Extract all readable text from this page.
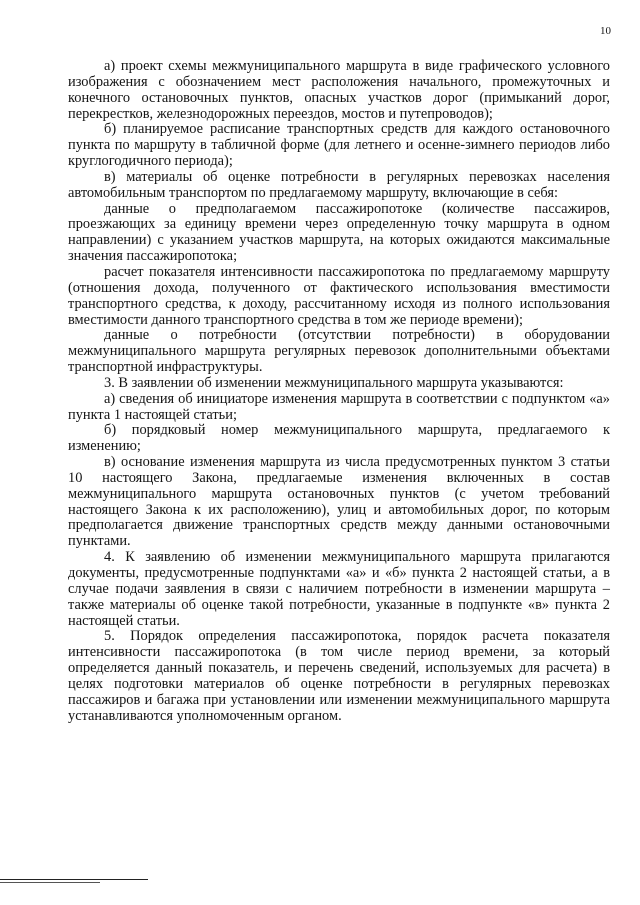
10

а) проект схемы межмуниципального маршрута в виде графического условного изображения с обозначением мест расположения начального, промежуточных и конечного остановочных пунктов, опасных участков дорог (примыканий дорог, перекрестков, железнодорожных переездов, мостов и путепроводов);

б) планируемое расписание транспортных средств для каждого остановочного пункта по маршруту в табличной форме (для летнего и осенне-зимнего периодов либо круглогодичного периода);

в) материалы об оценке потребности в регулярных перевозках населения автомобильным транспортом по предлагаемому маршруту, включающие в себя:

данные о предполагаемом пассажиропотоке (количестве пассажиров, проезжающих за единицу времени через определенную точку маршрута в одном направлении) с указанием участков маршрута, на которых ожидаются максимальные значения пассажиропотока;

расчет показателя интенсивности пассажиропотока по предлагаемому маршруту (отношения дохода, полученного от фактического использования вместимости транспортного средства, к доходу, рассчитанному исходя из полного использования вместимости данного транспортного средства в том же периоде времени);

данные о потребности (отсутствии потребности) в оборудовании межмуниципального маршрута регулярных перевозок дополнительными объектами транспортной инфраструктуры.

3. В заявлении об изменении межмуниципального маршрута указываются:

а) сведения об инициаторе изменения маршрута в соответствии с подпунктом «а» пункта 1 настоящей статьи;

б) порядковый номер межмуниципального маршрута, предлагаемого к изменению;

в) основание изменения маршрута из числа предусмотренных пунктом 3 статьи 10 настоящего Закона, предлагаемые изменения включенных в состав межмуниципального маршрута остановочных пунктов (с учетом требований настоящего Закона к их расположению), улиц и автомобильных дорог, по которым предполагается движение транспортных средств между данными остановочными пунктами.

4. К заявлению об изменении межмуниципального маршрута прилагаются документы, предусмотренные подпунктами «а» и «б» пункта 2 настоящей статьи, а в случае подачи заявления в связи с наличием потребности в изменении маршрута – также материалы об оценке такой потребности, указанные в подпункте «в» пункта 2 настоящей статьи.

5. Порядок определения пассажиропотока, порядок расчета показателя интенсивности пассажиропотока (в том числе период времени, за который определяется данный показатель, и перечень сведений, используемых для расчета) в целях подготовки материалов об оценке потребности в регулярных перевозках пассажиров и багажа при установлении или изменении межмуниципального маршрута устанавливаются уполномоченным органом.
